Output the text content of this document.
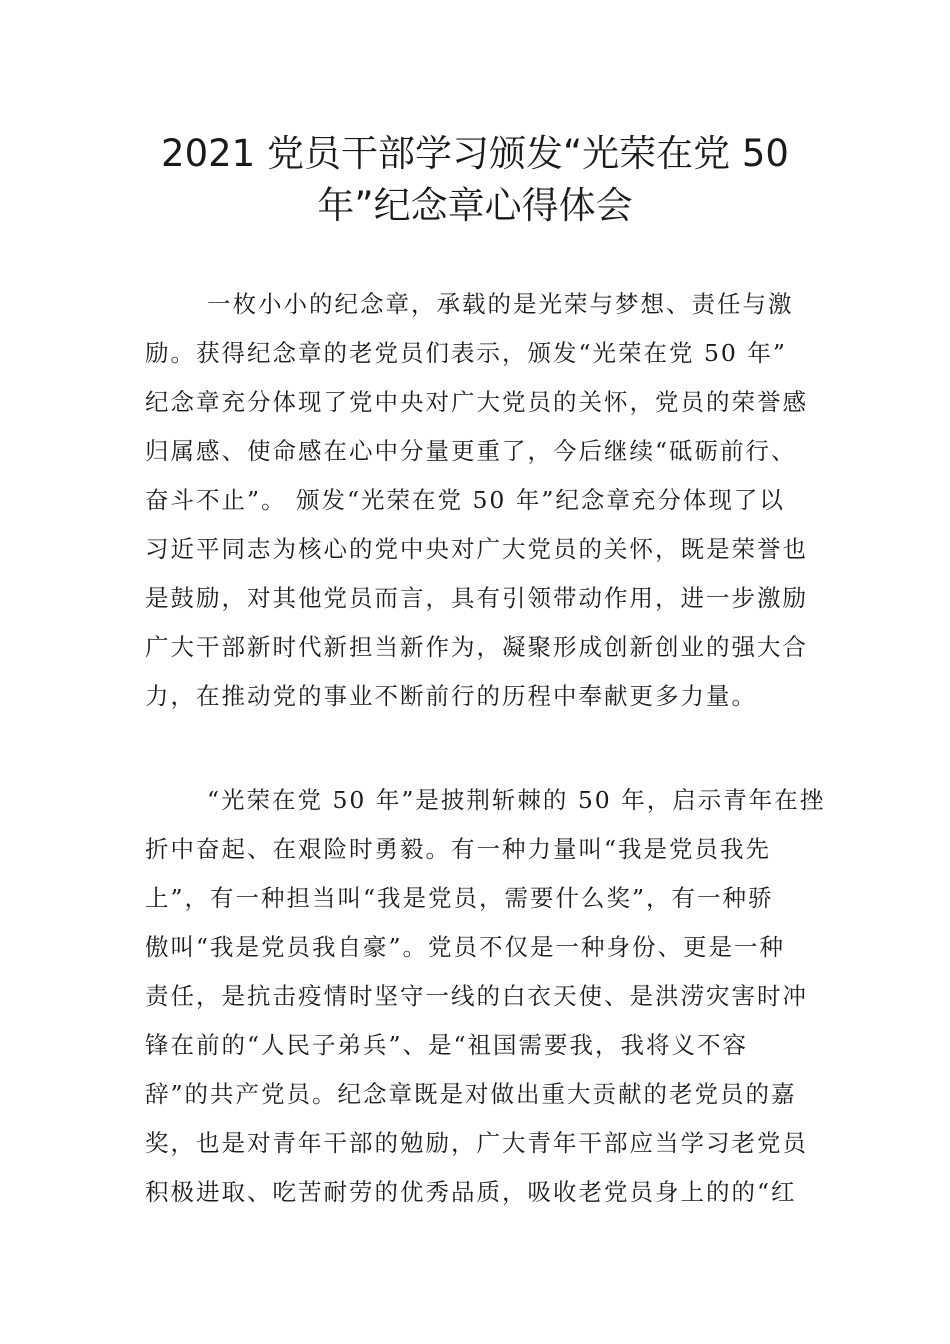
2021 党员干部学习颁发“光荣在党 50
年”纪念章心得体会
一枚小小的纪念章，承载的是光荣与梦想、责任与激
励。获得纪念章的老党员们表示，颁发“光荣在党 50 年”
纪念章充分体现了党中央对广大党员的关怀，党员的荣誉感
归属感、使命感在心中分量更重了，今后继续“砥砺前行、
奋斗不止”。 颁发“光荣在党 50 年”纪念章充分体现了以
习近平同志为核心的党中央对广大党员的关怀，既是荣誉也
是鼓励，对其他党员而言，具有引领带动作用，进一步激励
广大干部新时代新担当新作为，凝聚形成创新创业的强大合
力，在推动党的事业不断前行的历程中奉献更多力量。
“光荣在党 50 年”是披荆斩棘的 50 年，启示青年在挫
折中奋起、在艰险时勇毅。有一种力量叫“我是党员我先
上”，有一种担当叫“我是党员，需要什么奖”，有一种骄
傲叫“我是党员我自豪”。党员不仅是一种身份、更是一种
责任，是抗击疫情时坚守一线的白衣天使、是洪涝灾害时冲
锋在前的“人民子弟兵”、是“祖国需要我，我将义不容
辞”的共产党员。纪念章既是对做出重大贡献的老党员的嘉
奖，也是对青年干部的勉励，广大青年干部应当学习老党员
积极进取、吃苦耐劳的优秀品质，吸收老党员身上的的“红
